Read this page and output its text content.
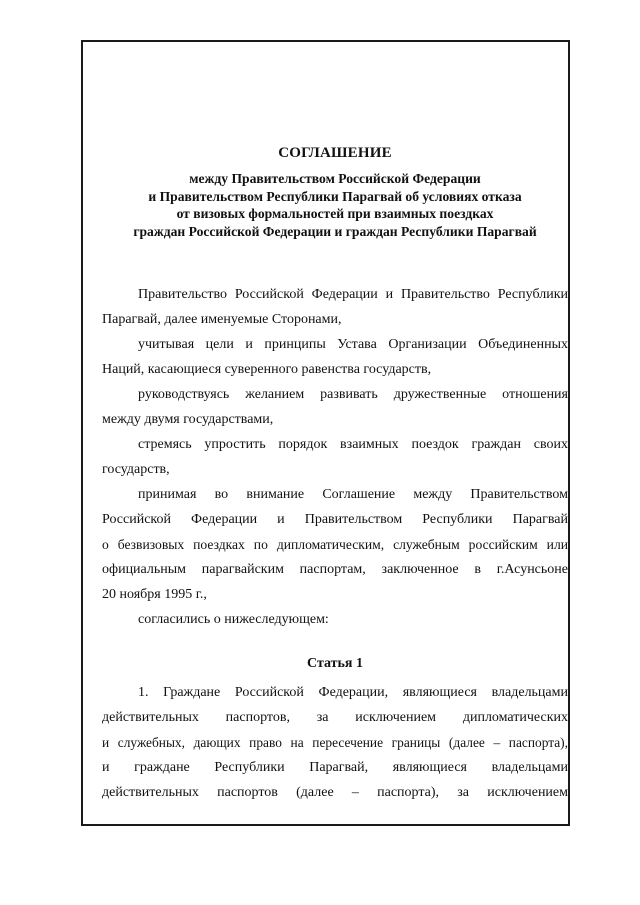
СОГЛАШЕНИЕ
между Правительством Российской Федерации
и Правительством Республики Парагвай об условиях отказа
от визовых формальностей при взаимных поездках
граждан Российской Федерации и граждан Республики Парагвай
Правительство Российской Федерации и Правительство Республики
Парагвай, далее именуемые Сторонами,
учитывая цели и принципы Устава Организации Объединенных
Наций, касающиеся суверенного равенства государств,
руководствуясь желанием развивать дружественные отношения
между двумя государствами,
стремясь упростить порядок взаимных поездок граждан своих
государств,
принимая во внимание Соглашение между Правительством
Российской Федерации и Правительством Республики Парагвай
о безвизовых поездках по дипломатическим, служебным российским или
официальным парагвайским паспортам, заключенное в г.Асунсьоне
20 ноября 1995 г.,
согласились о нижеследующем:
Статья 1
1. Граждане Российской Федерации, являющиеся владельцами
действительных паспортов, за исключением дипломатических
и служебных, дающих право на пересечение границы (далее – паспорта),
и граждане Республики Парагвай, являющиеся владельцами
действительных паспортов (далее – паспорта), за исключением
